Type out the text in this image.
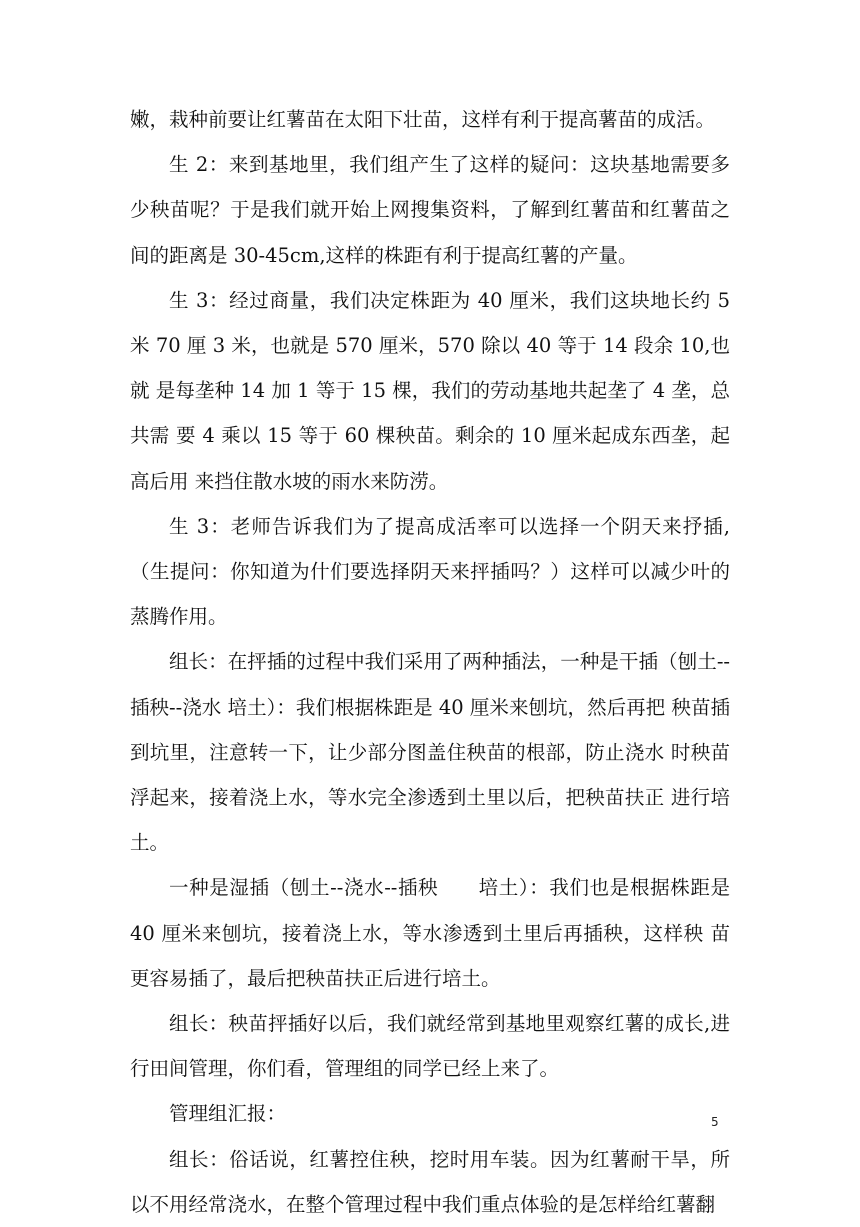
嫩，栽种前要让红薯苗在太阳下壮苗，这样有利于提高薯苗的成活。

生 2：来到基地里，我们组产生了这样的疑问：这块基地需要多少秧苗呢？于是我们就开始上网搜集资料，了解到红薯苗和红薯苗之间的距离是 30-45cm,这样的株距有利于提高红薯的产量。

生 3：经过商量，我们决定株距为 40 厘米，我们这块地长约 5 米 70 厘 3 米，也就是 570 厘米，570 除以 40 等于 14 段余 10,也就 是每垄种 14 加 1 等于 15 棵，我们的劳动基地共起垄了 4 垄，总共需 要 4 乘以 15 等于 60 棵秧苗。剩余的 10 厘米起成东西垄，起高后用 来挡住散水坡的雨水来防涝。

生 3：老师告诉我们为了提高成活率可以选择一个阴天来抒插,（生提问：你知道为什们要选择阴天来抨插吗？）这样可以减少叶的蒸腾作用。

组长：在抨插的过程中我们采用了两种插法，一种是干插（刨土--插秧--浇水 培土）：我们根据株距是 40 厘米来刨坑，然后再把 秧苗插到坑里，注意转一下，让少部分图盖住秧苗的根部，防止浇水 时秧苗浮起来，接着浇上水，等水完全渗透到土里以后，把秧苗扶正 进行培土。

一种是湿插（刨土--浇水--插秧　　培土）：我们也是根据株距是 40 厘米来刨坑，接着浇上水，等水渗透到土里后再插秧，这样秧 苗更容易插了，最后把秧苗扶正后进行培土。

组长：秧苗抨插好以后，我们就经常到基地里观察红薯的成长,进行田间管理，你们看，管理组的同学已经上来了。

管理组汇报：

组长：俗话说，红薯控住秧，挖时用车装。因为红薯耐干旱，所以不用经常浇水，在整个管理过程中我们重点体验的是怎样给红薯翻

5
